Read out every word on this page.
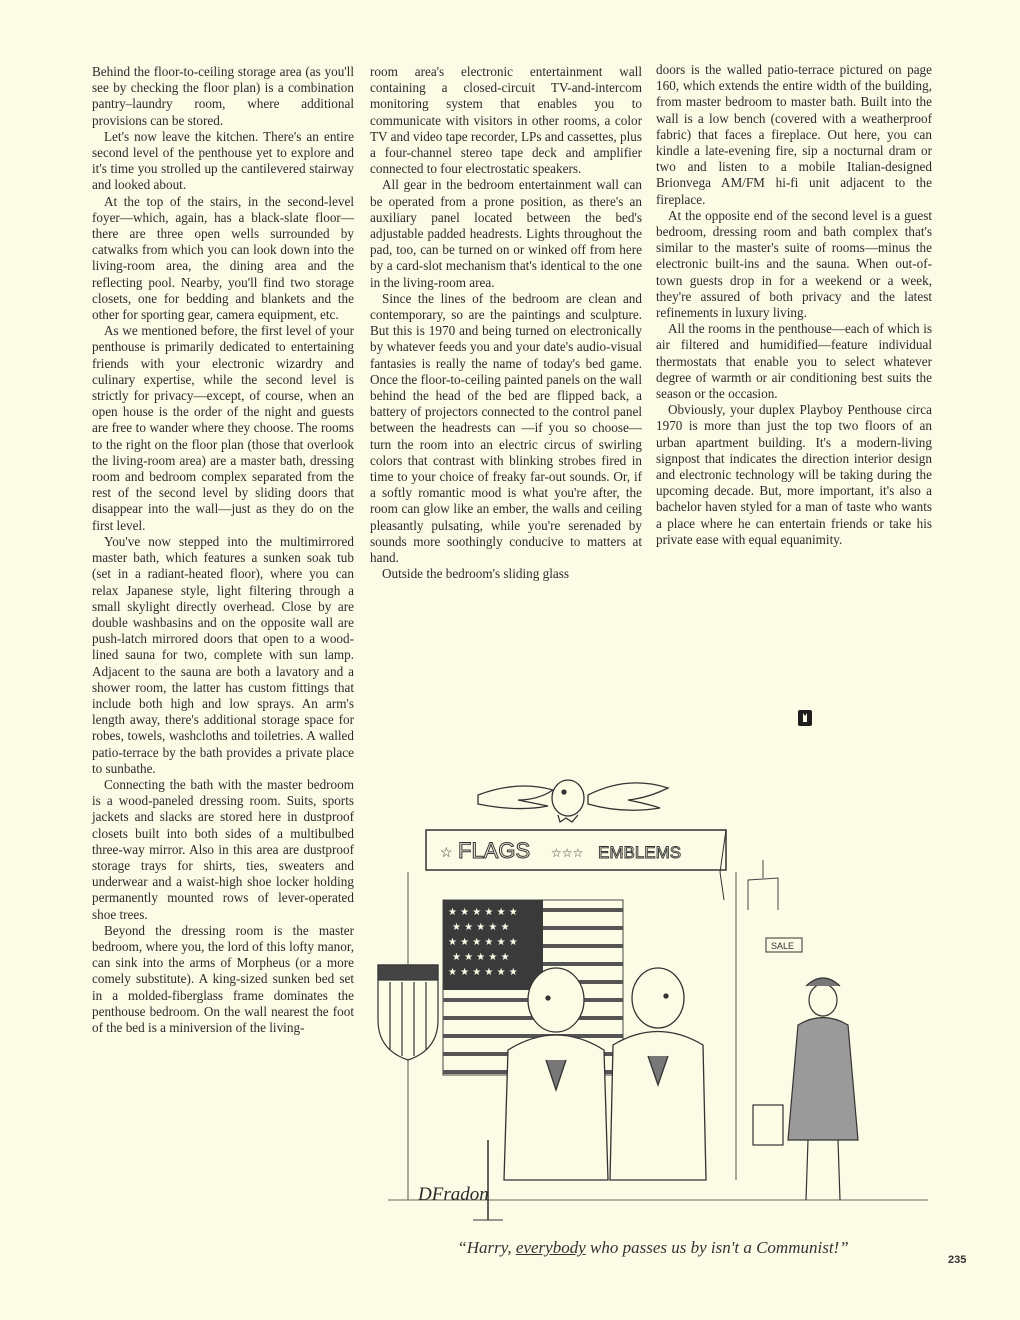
Behind the floor-to-ceiling storage area (as you'll see by checking the floor plan) is a combination pantry–laundry room, where additional provisions can be stored.

Let's now leave the kitchen. There's an entire second level of the penthouse yet to explore and it's time you strolled up the cantilevered stairway and looked about.

At the top of the stairs, in the second-level foyer—which, again, has a black-slate floor—there are three open wells surrounded by catwalks from which you can look down into the living-room area, the dining area and the reflecting pool. Nearby, you'll find two storage closets, one for bedding and blankets and the other for sporting gear, camera equipment, etc.

As we mentioned before, the first level of your penthouse is primarily dedicated to entertaining friends with your electronic wizardry and culinary expertise, while the second level is strictly for privacy—except, of course, when an open house is the order of the night and guests are free to wander where they choose. The rooms to the right on the floor plan (those that overlook the living-room area) are a master bath, dressing room and bedroom complex separated from the rest of the second level by sliding doors that disappear into the wall—just as they do on the first level.

You've now stepped into the multimirrored master bath, which features a sunken soak tub (set in a radiant-heated floor), where you can relax Japanese style, light filtering through a small skylight directly overhead. Close by are double washbasins and on the opposite wall are push-latch mirrored doors that open to a wood-lined sauna for two, complete with sun lamp. Adjacent to the sauna are both a lavatory and a shower room, the latter has custom fittings that include both high and low sprays. An arm's length away, there's additional storage space for robes, towels, washcloths and toiletries. A walled patio-terrace by the bath provides a private place to sunbathe.

Connecting the bath with the master bedroom is a wood-paneled dressing room. Suits, sports jackets and slacks are stored here in dustproof closets built into both sides of a multibulbed three-way mirror. Also in this area are dustproof storage trays for shirts, ties, sweaters and underwear and a waist-high shoe locker holding permanently mounted rows of lever-operated shoe trees.

Beyond the dressing room is the master bedroom, where you, the lord of this lofty manor, can sink into the arms of Morpheus (or a more comely substitute). A king-sized sunken bed set in a molded-fiberglass frame dominates the penthouse bedroom. On the wall nearest the foot of the bed is a miniversion of the living-

room area's electronic entertainment wall containing a closed-circuit TV-and-intercom monitoring system that enables you to communicate with visitors in other rooms, a color TV and video tape recorder, LPs and cassettes, plus a four-channel stereo tape deck and amplifier connected to four electrostatic speakers.

All gear in the bedroom entertainment wall can be operated from a prone position, as there's an auxiliary panel located between the bed's adjustable padded headrests. Lights throughout the pad, too, can be turned on or winked off from here by a card-slot mechanism that's identical to the one in the living-room area.

Since the lines of the bedroom are clean and contemporary, so are the paintings and sculpture. But this is 1970 and being turned on electronically by whatever feeds you and your date's audio-visual fantasies is really the name of today's bed game. Once the floor-to-ceiling painted panels on the wall behind the head of the bed are flipped back, a battery of projectors connected to the control panel between the headrests can —if you so choose—turn the room into an electric circus of swirling colors that contrast with blinking strobes fired in time to your choice of freaky far-out sounds. Or, if a softly romantic mood is what you're after, the room can glow like an ember, the walls and ceiling pleasantly pulsating, while you're serenaded by sounds more soothingly conducive to matters at hand.

Outside the bedroom's sliding glass

doors is the walled patio-terrace pictured on page 160, which extends the entire width of the building, from master bedroom to master bath. Built into the wall is a low bench (covered with a weatherproof fabric) that faces a fireplace. Out here, you can kindle a late-evening fire, sip a nocturnal dram or two and listen to a mobile Italian-designed Brionvega AM/FM hi-fi unit adjacent to the fireplace.

At the opposite end of the second level is a guest bedroom, dressing room and bath complex that's similar to the master's suite of rooms—minus the electronic built-ins and the sauna. When out-of-town guests drop in for a weekend or a week, they're assured of both privacy and the latest refinements in luxury living.

All the rooms in the penthouse—each of which is air filtered and humidified—feature individual thermostats that enable you to select whatever degree of warmth or air conditioning best suits the season or the occasion.

Obviously, your duplex Playboy Penthouse circa 1970 is more than just the top two floors of an urban apartment building. It's a modern-living signpost that indicates the direction interior design and electronic technology will be taking during the upcoming decade. But, more important, it's also a bachelor haven styled for a man of taste who wants a place where he can entertain friends or take his private ease with equal equanimity.

FLAGS
☆	☆☆☆ EMBLEMS
★ ★ ★ ★ ★ ★
★ ★ ★ ★ ★
★ ★ ★ ★ ★ ★
★ ★ ★ ★ ★
★ ★ ★ ★ ★ ★
SALE
DFradon
“Harry, everybody who passes us by isn't a Communist!”
235
